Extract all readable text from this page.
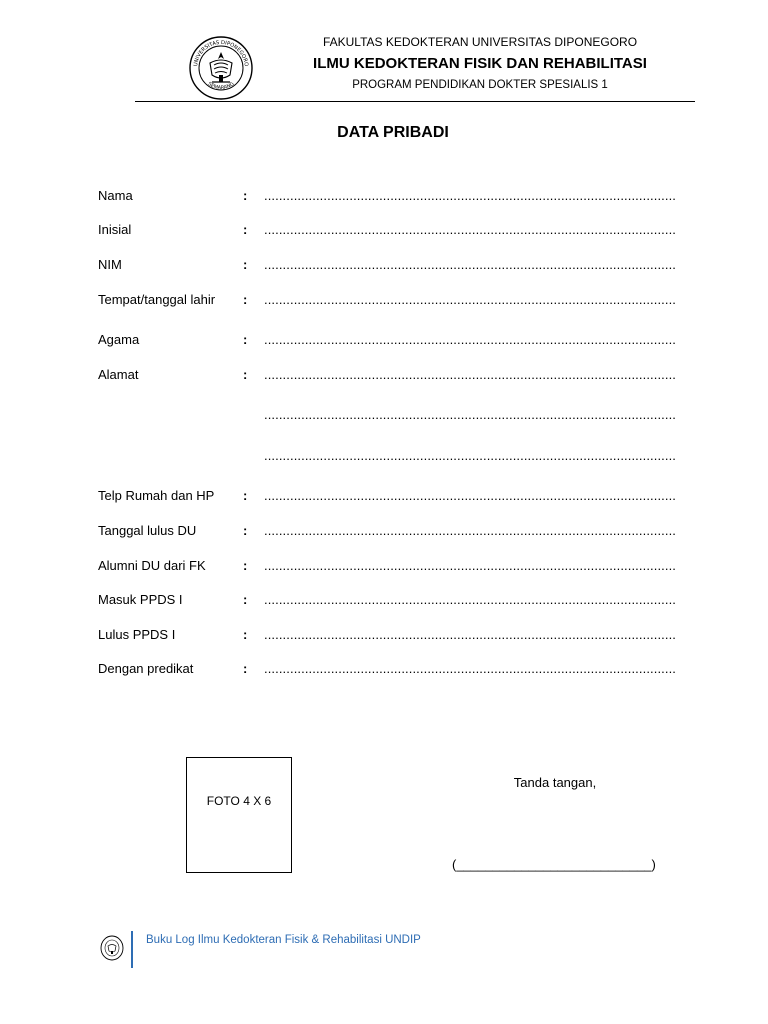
UNIVERSITAS DIPONEGORO
SEMARANG
FAKULTAS KEDOKTERAN UNIVERSITAS DIPONEGORO
ILMU KEDOKTERAN FISIK DAN REHABILITASI
PROGRAM PENDIDIKAN DOKTER SPESIALIS 1
DATA PRIBADI
Nama	: ...............................................................................................................
Inisial	: ...............................................................................................................
NIM	: ...............................................................................................................
Tempat/tanggal lahir : ...............................................................................................................
Agama	: ...............................................................................................................
Alamat	: ...............................................................................................................
...............................................................................................................
...............................................................................................................
Telp Rumah dan HP	: ...............................................................................................................
Tanggal lulus DU	: ...............................................................................................................
Alumni DU dari FK	: ...............................................................................................................
Masuk PPDS I	: ...............................................................................................................
Lulus PPDS I	: ...............................................................................................................
Dengan predikat	: ...............................................................................................................
FOTO 4 X 6
Tanda tangan,
(___________________________)
Buku Log Ilmu Kedokteran Fisik & Rehabilitasi UNDIP
